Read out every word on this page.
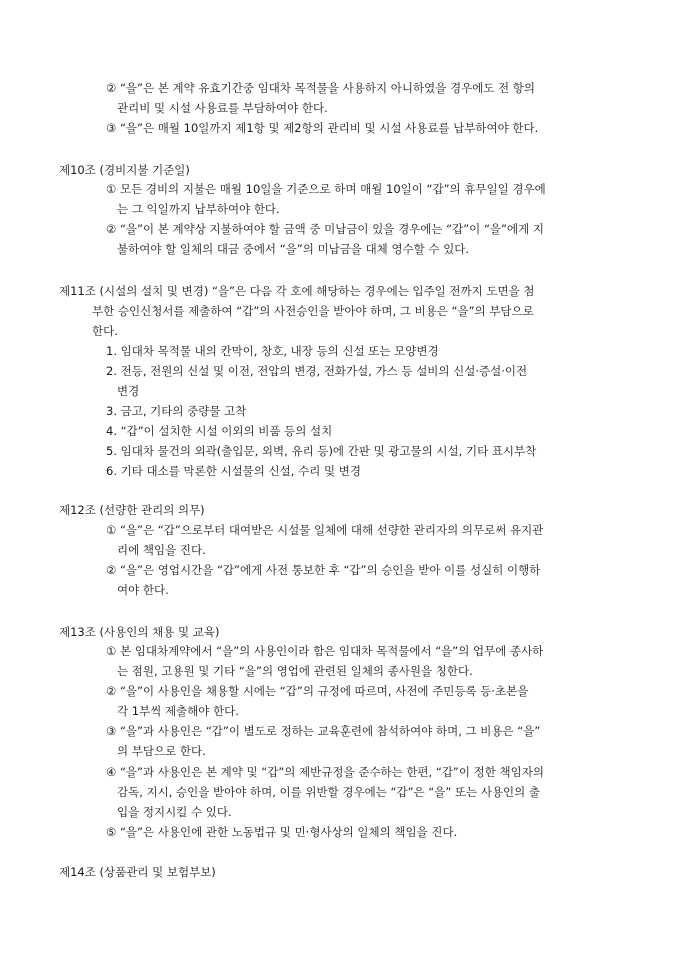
② “을”은 본 계약 유효기간중 임대차 목적물을 사용하지 아니하였을 경우에도 전 항의
관리비 및 시설 사용료를 부담하여야 한다.
③ “을”은 매월 10일까지 제1항 및 제2항의 관리비 및 시설 사용료를 납부하여야 한다.
제10조 (경비지불 기준일)
① 모든 경비의 지불은 매월 10일을 기준으로 하며 매월 10일이 “갑”의 휴무일일 경우에
는 그 익일까지 납부하여야 한다.
② “을”이 본 계약상 지불하여야 할 금액 중 미납금이 있을 경우에는 “갑”이 “을”에게 지
불하여야 할 일체의 대금 중에서 “을”의 미납금을 대체 영수할 수 있다.
제11조 (시설의 설치 및 변경) “을”은 다음 각 호에 해당하는 경우에는 입주일 전까지 도면을 첨
부한 승인신청서를 제출하여 “갑”의 사전승인을 받아야 하며, 그 비용은 “을”의 부담으로
한다.
1. 임대차 목적물 내의 칸막이, 창호, 내장 등의 신설 또는 모양변경
2. 전등, 전원의 신설 및 이전, 전압의 변경, 전화가설, 가스 등 설비의 신설·증설·이전
변경
3. 금고, 기타의 중량물 고착
4. “갑”이 설치한 시설 이외의 비품 등의 설치
5. 임대차 물건의 외곽(출입문, 외벽, 유리 등)에 간판 및 광고물의 시설, 기타 표시부착
6. 기타 대소를 막론한 시설물의 신설, 수리 및 변경
제12조 (선량한 관리의 의무)
① “을”은 “갑”으로부터 대여받은 시설물 일체에 대해 선량한 관리자의 의무로써 유지관
리에 책임을 진다.
② “을”은 영업시간을 “갑”에게 사전 통보한 후 “갑”의 승인을 받아 이를 성실히 이행하
여야 한다.
제13조 (사용인의 채용 및 교육)
① 본 임대차계약에서 “을”의 사용인이라 함은 임대차 목적물에서 “을”의 업무에 종사하
는 점원, 고용원 및 기타 “을”의 영업에 관련된 일체의 종사원을 칭한다.
② “을”이 사용인을 채용할 시에는 “갑”의 규정에 따르며, 사전에 주민등록 등·초본을
각 1부씩 제출해야 한다.
③ “을”과 사용인은 “갑”이 별도로 정하는 교육훈련에 참석하여야 하며, 그 비용은 “을”
의 부담으로 한다.
④ “을”과 사용인은 본 계약 및 “갑”의 제반규정을 준수하는 한편, “갑”이 정한 책임자의
감독, 지시, 승인을 받아야 하며, 이를 위반할 경우에는 “갑”은 “을” 또는 사용인의 출
입을 정지시킬 수 있다.
⑤ “을”은 사용인에 관한 노동법규 및 민·형사상의 일체의 책임을 진다.
제14조 (상품관리 및 보험부보)
